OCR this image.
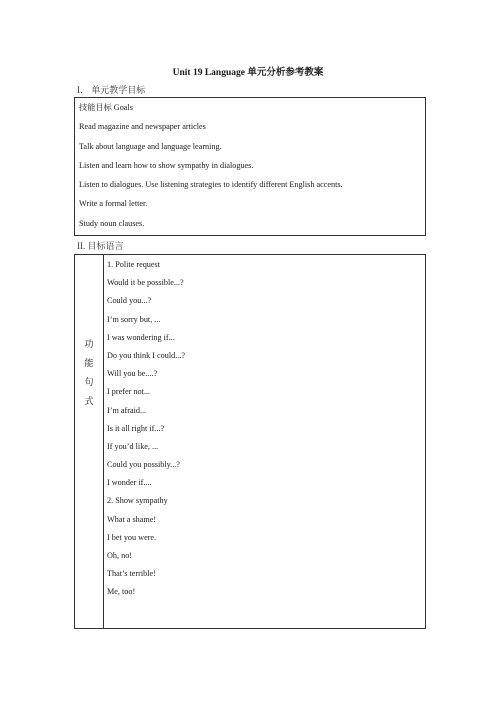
Unit 19 Language 单元分析参考教案
I． 单元教学目标
技能目标 Goals
Read magazine and newspaper articles
Talk about language and language learning.
Listen and learn how to show sympathy in dialogues.
Listen to dialogues. Use listening strategies to identify different English accents.
Write a formal letter.
Study noun clauses.
II. 目标语言
功
能
句
式
1. Polite request
Would it be possible...?
Could you...?
I’m sorry but, ...
I was wondering if...
Do you think I could...?
Will you be....?
I prefer not...
I’m afraid...
Is it all right if...?
If you’d like, ...
Could you possibly...?
I wonder if....
2. Show sympathy
What a shame!
I bet you were.
Oh, no!
That’s terrible!
Me, too!
